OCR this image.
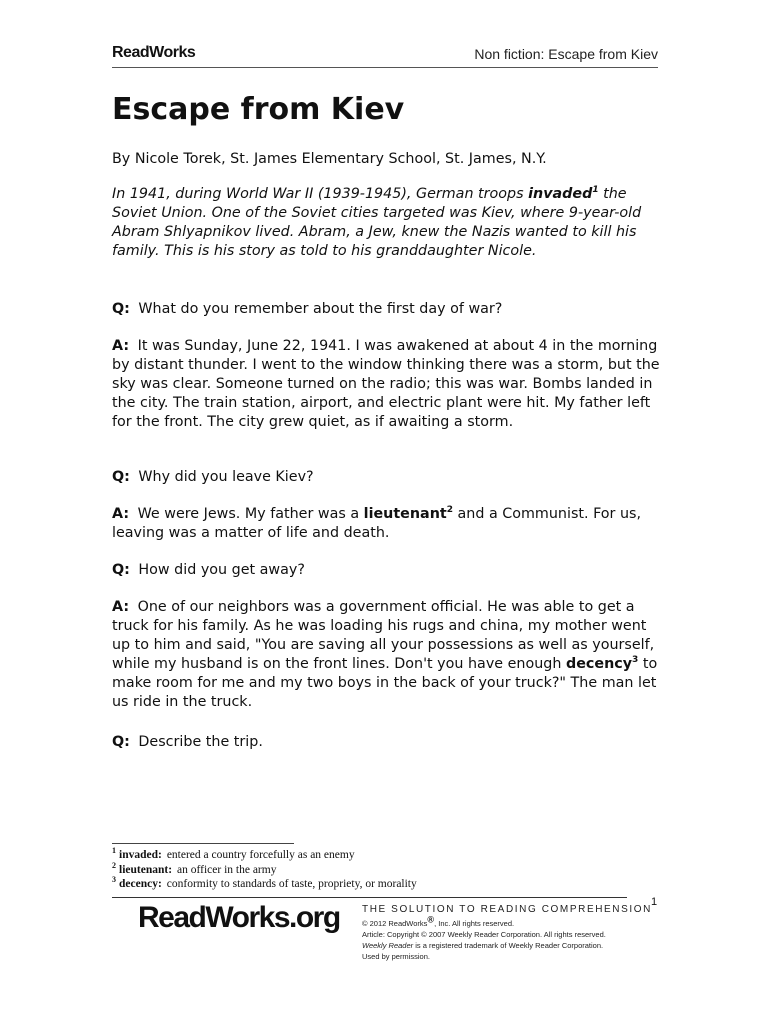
ReadWorks	Non fiction: Escape from Kiev
Escape from Kiev

By Nicole Torek, St. James Elementary School, St. James, N.Y.

In 1941, during World War II (1939-1945), German troops invaded$^1$ the Soviet Union. One of the Soviet cities targeted was Kiev, where 9-year-old Abram Shlyapnikov lived. Abram, a Jew, knew the Nazis wanted to kill his family. This is his story as told to his granddaughter Nicole.

Q: What do you remember about the first day of war?

A: It was Sunday, June 22, 1941. I was awakened at about 4 in the morning by distant thunder. I went to the window thinking there was a storm, but the sky was clear. Someone turned on the radio; this was war. Bombs landed in the city. The train station, airport, and electric plant were hit. My father left for the front. The city grew quiet, as if awaiting a storm.

Q: Why did you leave Kiev?

A: We were Jews. My father was a lieutenant$^2$ and a Communist. For us, leaving was a matter of life and death.

Q: How did you get away?

A: One of our neighbors was a government official. He was able to get a truck for his family. As he was loading his rugs and china, my mother went up to him and said, "You are saving all your possessions as well as yourself, while my husband is on the front lines. Don't you have enough decency$^3$ to make room for me and my two boys in the back of your truck?" The man let us ride in the truck.

Q: Describe the trip.

$^1$ invaded: entered a country forcefully as an enemy
$^2$ lieutenant: an officer in the army
$^3$ decency: conformity to standards of taste, propriety, or morality
1
ReadWorks.org THE SOLUTION TO READING COMPREHENSION
© 2012 ReadWorks®, Inc. All rights reserved.
Article: Copyright © 2007 Weekly Reader Corporation. All rights reserved.
Weekly Reader is a registered trademark of Weekly Reader Corporation.
Used by permission.
